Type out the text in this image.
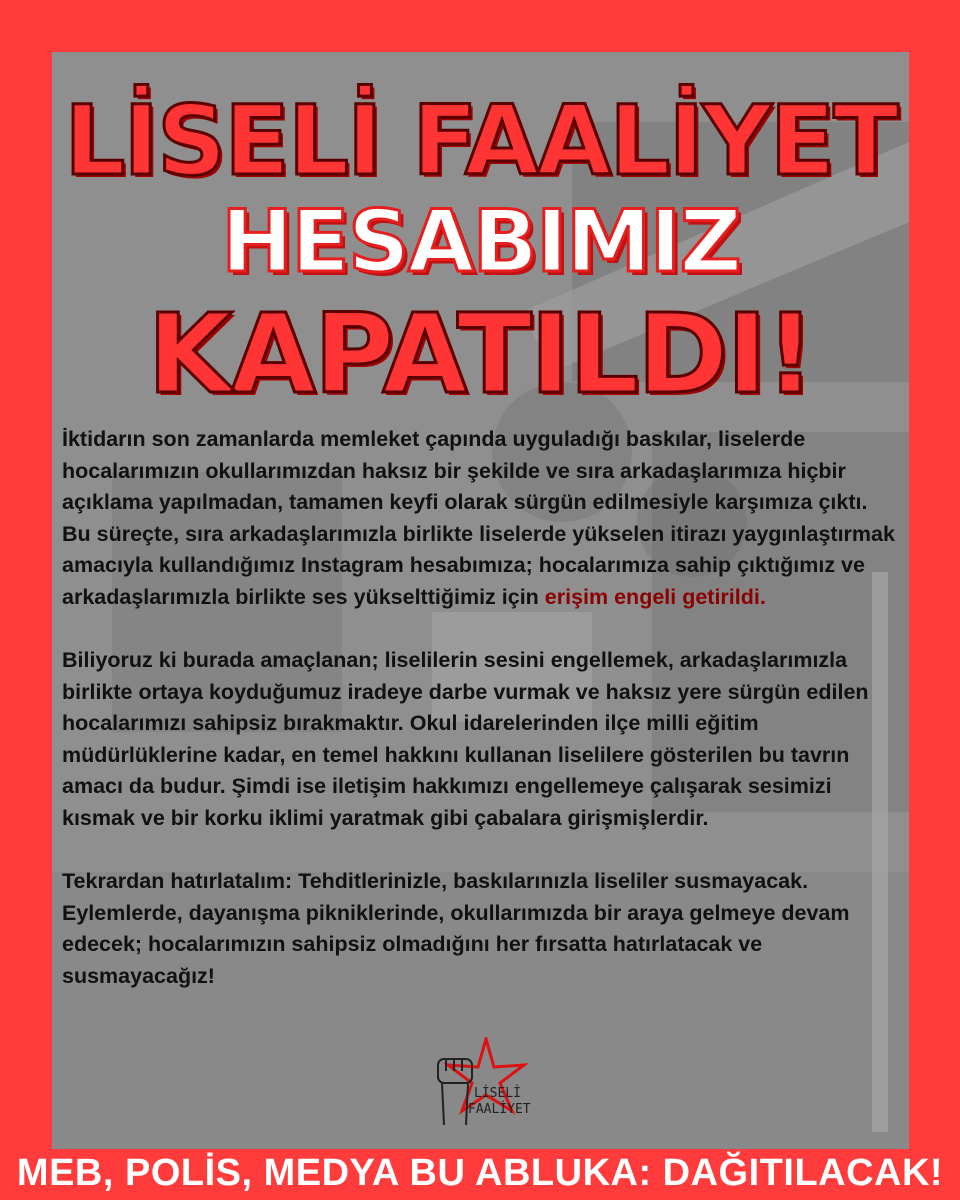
LİSELİ FAALİYET
HESABIMIZ
KAPATILDI!

İktidarın son zamanlarda memleket çapında uyguladığı baskılar, liselerde hocalarımızın okullarımızdan haksız bir şekilde ve sıra arkadaşlarımıza hiçbir açıklama yapılmadan, tamamen keyfi olarak sürgün edilmesiyle karşımıza çıktı. Bu süreçte, sıra arkadaşlarımızla birlikte liselerde yükselen itirazı yaygınlaştırmak amacıyla kullandığımız Instagram hesabımıza; hocalarımıza sahip çıktığımız ve arkadaşlarımızla birlikte ses yükselttiğimiz için erişim engeli getirildi.

Biliyoruz ki burada amaçlanan; liselilerin sesini engellemek, arkadaşlarımızla birlikte ortaya koyduğumuz iradeye darbe vurmak ve haksız yere sürgün edilen hocalarımızı sahipsiz bırakmaktır. Okul idarelerinden ilçe milli eğitim müdürlüklerine kadar, en temel hakkını kullanan liselilere gösterilen bu tavrın amacı da budur. Şimdi ise iletişim hakkımızı engellemeye çalışarak sesimizi kısmak ve bir korku iklimi yaratmak gibi çabalara girişmişlerdir.

Tekrardan hatırlatalım: Tehditlerinizle, baskılarınızla liseliler susmayacak. Eylemlerde, dayanışma pikniklerinde, okullarımızda bir araya gelmeye devam edecek; hocalarımızın sahipsiz olmadığını her fırsatta hatırlatacak ve susmayacağız!

LİSELİ
FAALİYET
MEB, POLİS, MEDYA BU ABLUKA: DAĞITILACAK!
